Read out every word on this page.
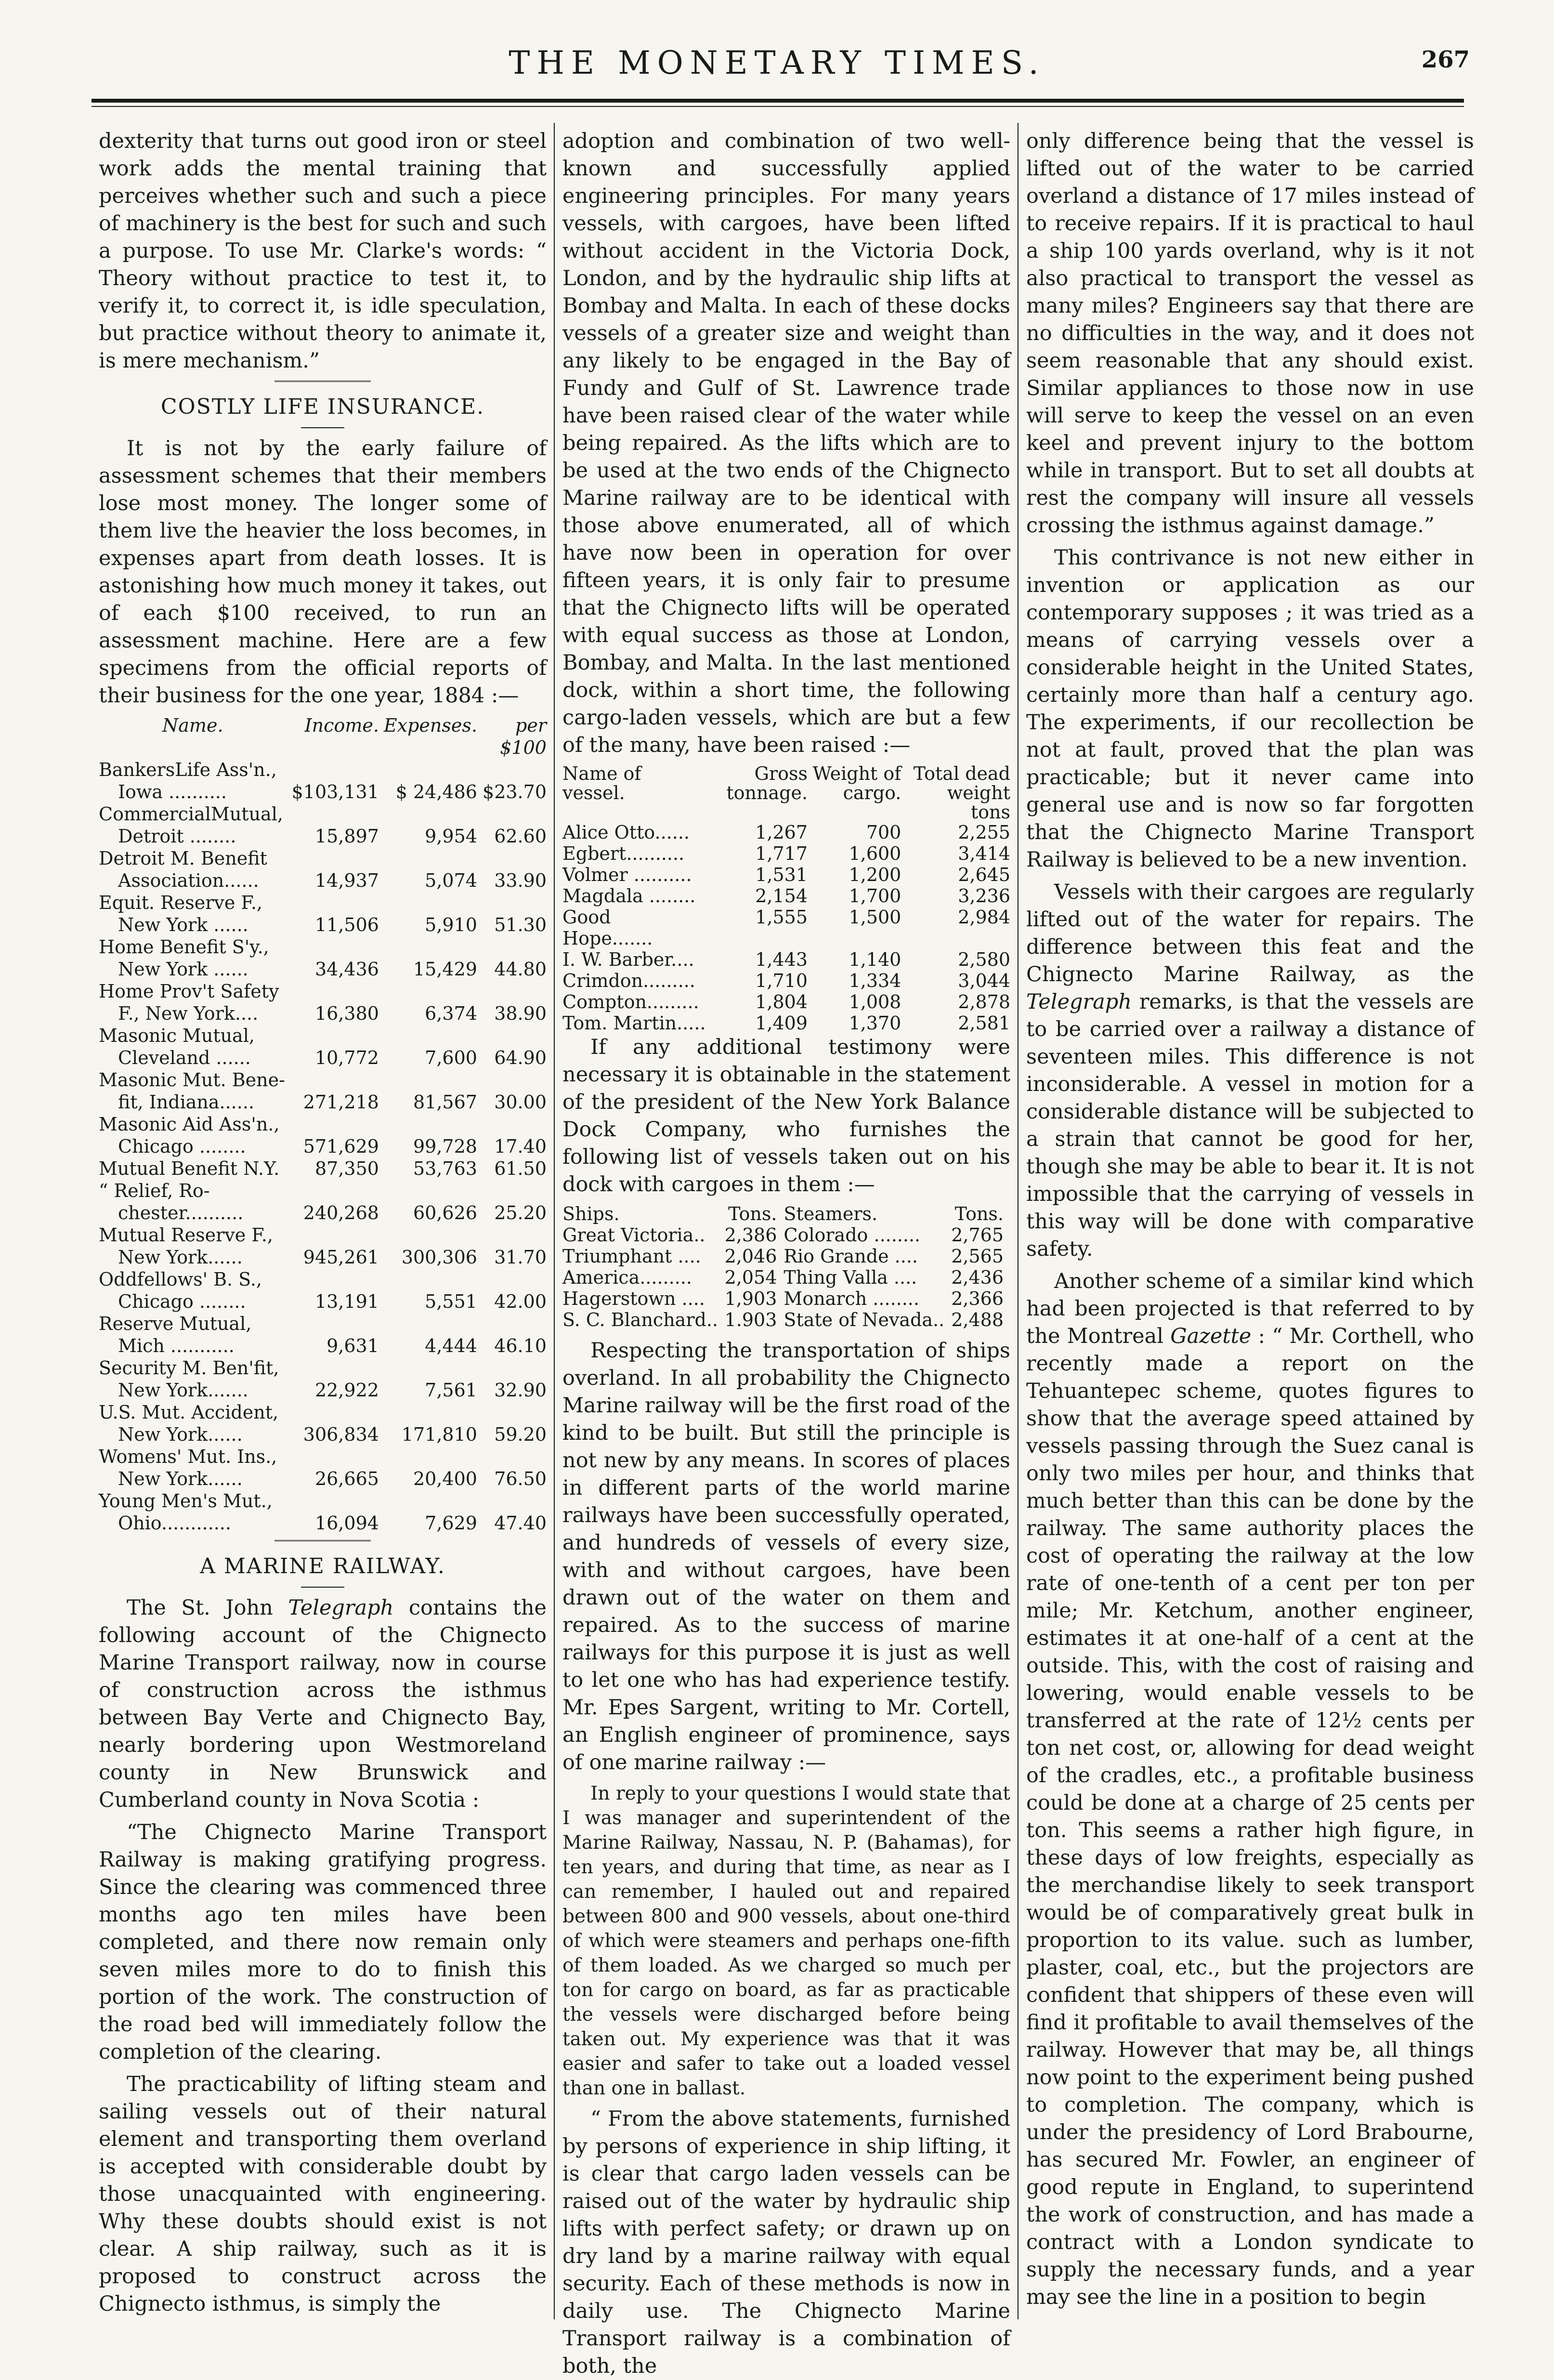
THE MONETARY TIMES.	267

dexterity that turns out good iron or steel work adds the mental training that perceives whether such and such a piece of machinery is the best for such and such a purpose. To use Mr. Clarke's words: “ Theory without practice to test it, to verify it, to correct it, is idle speculation, but practice without theory to animate it, is mere mechanism.”

COSTLY LIFE INSURANCE.

It is not by the early failure of assessment schemes that their members lose most money. The longer some of them live the heavier the loss becomes, in expenses apart from death losses. It is astonishing how much money it takes, out of each $100 received, to run an assessment machine. Here are a few specimens from the official reports of their business for the one year, 1884 :—

Name.	Income.	Expenses.	per $100
BankersLife Ass'n.,			
Iowa ..........	$103,131	$ 24,486	$23.70
CommercialMutual,			
Detroit ........	15,897	9,954	62.60
Detroit M. Benefit			
Association......	14,937	5,074	33.90
Equit. Reserve F.,			
New York ......	11,506	5,910	51.30
Home Benefit S'y.,			
New York ......	34,436	15,429	44.80
Home Prov't Safety			
F., New York....	16,380	6,374	38.90
Masonic Mutual,			
Cleveland ......	10,772	7,600	64.90
Masonic Mut. Bene-			
fit, Indiana......	271,218	81,567	30.00
Masonic Aid Ass'n.,			
Chicago ........	571,629	99,728	17.40
Mutual Benefit N.Y.	87,350	53,763	61.50
“ Relief, Ro-			
chester..........	240,268	60,626	25.20
Mutual Reserve F.,			
New York......	945,261	300,306	31.70
Oddfellows' B. S.,			
Chicago ........	13,191	5,551	42.00
Reserve Mutual,			
Mich ...........	9,631	4,444	46.10
Security M. Ben'fit,			
New York.......	22,922	7,561	32.90
U.S. Mut. Accident,			
New York......	306,834	171,810	59.20
Womens' Mut. Ins.,			
New York......	26,665	20,400	76.50
Young Men's Mut.,			
Ohio............	16,094	7,629	47.40
A MARINE RAILWAY.

The St. John Telegraph contains the following account of the Chignecto Marine Transport railway, now in course of construction across the isthmus between Bay Verte and Chignecto Bay, nearly bordering upon Westmoreland county in New Brunswick and Cumberland county in Nova Scotia :

“The Chignecto Marine Transport Railway is making gratifying progress. Since the clearing was commenced three months ago ten miles have been completed, and there now remain only seven miles more to do to finish this portion of the work. The construction of the road bed will immediately follow the completion of the clearing.

The practicability of lifting steam and sailing vessels out of their natural element and transporting them overland is accepted with considerable doubt by those unacquainted with engineering. Why these doubts should exist is not clear. A ship railway, such as it is proposed to construct across the Chignecto isthmus, is simply the

adoption and combination of two well-known and successfully applied engineering principles. For many years vessels, with cargoes, have been lifted without accident in the Victoria Dock, London, and by the hydraulic ship lifts at Bombay and Malta. In each of these docks vessels of a greater size and weight than any likely to be engaged in the Bay of Fundy and Gulf of St. Lawrence trade have been raised clear of the water while being repaired. As the lifts which are to be used at the two ends of the Chignecto Marine railway are to be identical with those above enumerated, all of which have now been in operation for over fifteen years, it is only fair to presume that the Chignecto lifts will be operated with equal success as those at London, Bombay, and Malta. In the last mentioned dock, within a short time, the following cargo-laden vessels, which are but a few of the many, have been raised :—

Name of vessel.	Gross tonnage.	Weight of cargo.	Total dead weight tons
Alice Otto......	1,267	700	2,255
Egbert..........	1,717	1,600	3,414
Volmer ..........	1,531	1,200	2,645
Magdala ........	2,154	1,700	3,236
Good Hope.......	1,555	1,500	2,984
I. W. Barber....	1,443	1,140	2,580
Crimdon.........	1,710	1,334	3,044
Compton.........	1,804	1,008	2,878
Tom. Martin.....	1,409	1,370	2,581

If any additional testimony were necessary it is obtainable in the statement of the president of the New York Balance Dock Company, who furnishes the following list of vessels taken out on his dock with cargoes in them :—

Ships.	Tons.	Steamers.	Tons.
Great Victoria..	2,386	Colorado ........	2,765
Triumphant ....	2,046	Rio Grande ....	2,565
America.........	2,054	Thing Valla ....	2,436
Hagerstown ....	1,903	Monarch ........	2,366
S. C. Blanchard..	1.903	State of Nevada..	2,488

Respecting the transportation of ships overland. In all probability the Chignecto Marine railway will be the first road of the kind to be built. But still the principle is not new by any means. In scores of places in different parts of the world marine railways have been successfully operated, and hundreds of vessels of every size, with and without cargoes, have been drawn out of the water on them and repaired. As to the success of marine railways for this purpose it is just as well to let one who has had experience testify. Mr. Epes Sargent, writing to Mr. Cortell, an English engineer of prominence, says of one marine railway :—

In reply to your questions I would state that I was manager and superintendent of the Marine Railway, Nassau, N. P. (Bahamas), for ten years, and during that time, as near as I can remember, I hauled out and repaired between 800 and 900 vessels, about one-third of which were steamers and perhaps one-fifth of them loaded. As we charged so much per ton for cargo on board, as far as practicable the vessels were discharged before being taken out. My experience was that it was easier and safer to take out a loaded vessel than one in ballast.

“ From the above statements, furnished by persons of experience in ship lifting, it is clear that cargo laden vessels can be raised out of the water by hydraulic ship lifts with perfect safety; or drawn up on dry land by a marine railway with equal security. Each of these methods is now in daily use. The Chignecto Marine Transport railway is a combination of both, the

only difference being that the vessel is lifted out of the water to be carried overland a distance of 17 miles instead of to receive repairs. If it is practical to haul a ship 100 yards overland, why is it not also practical to transport the vessel as many miles? Engineers say that there are no difficulties in the way, and it does not seem reasonable that any should exist. Similar appliances to those now in use will serve to keep the vessel on an even keel and prevent injury to the bottom while in transport. But to set all doubts at rest the company will insure all vessels crossing the isthmus against damage.”

This contrivance is not new either in invention or application as our contemporary supposes ; it was tried as a means of carrying vessels over a considerable height in the United States, certainly more than half a century ago. The experiments, if our recollection be not at fault, proved that the plan was practicable; but it never came into general use and is now so far forgotten that the Chignecto Marine Transport Railway is believed to be a new invention.

Vessels with their cargoes are regularly lifted out of the water for repairs. The difference between this feat and the Chignecto Marine Railway, as the Telegraph remarks, is that the vessels are to be carried over a railway a distance of seventeen miles. This difference is not inconsiderable. A vessel in motion for a considerable distance will be subjected to a strain that cannot be good for her, though she may be able to bear it. It is not impossible that the carrying of vessels in this way will be done with comparative safety.

Another scheme of a similar kind which had been projected is that referred to by the Montreal Gazette : “ Mr. Corthell, who recently made a report on the Tehuantepec scheme, quotes figures to show that the average speed attained by vessels passing through the Suez canal is only two miles per hour, and thinks that much better than this can be done by the railway. The same authority places the cost of operating the railway at the low rate of one-tenth of a cent per ton per mile; Mr. Ketchum, another engineer, estimates it at one-half of a cent at the outside. This, with the cost of raising and lowering, would enable vessels to be transferred at the rate of 12½ cents per ton net cost, or, allowing for dead weight of the cradles, etc., a profitable business could be done at a charge of 25 cents per ton. This seems a rather high figure, in these days of low freights, especially as the merchandise likely to seek transport would be of comparatively great bulk in proportion to its value. such as lumber, plaster, coal, etc., but the projectors are confident that shippers of these even will find it profitable to avail themselves of the railway. However that may be, all things now point to the experiment being pushed to completion. The company, which is under the presidency of Lord Brabourne, has secured Mr. Fowler, an engineer of good repute in England, to superintend the work of construction, and has made a contract with a London syndicate to supply the necessary funds, and a year may see the line in a position to begin
